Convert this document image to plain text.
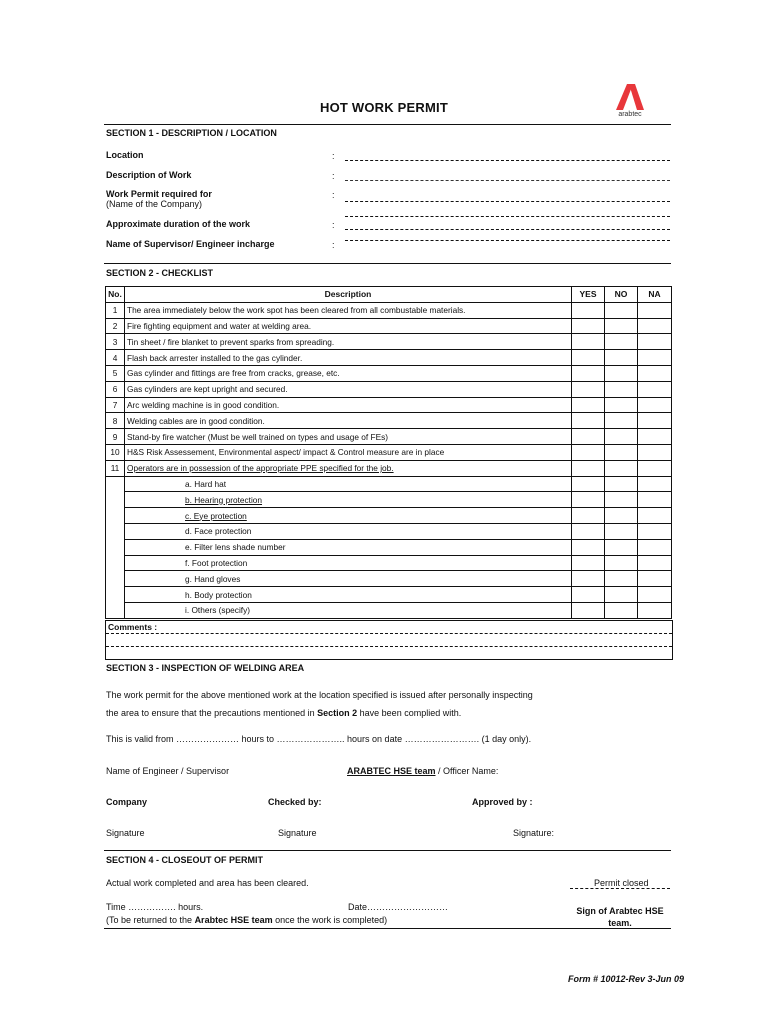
HOT WORK PERMIT	arabtec
SECTION 1 - DESCRIPTION / LOCATION
Location	:
Description of Work	:
Work Permit required for
(Name of the Company)
:
Approximate duration of the work	:
Name of Supervisor/ Engineer incharge	:
SECTION 2 - CHECKLIST
No.	Description	YES	NO	NA
1	The area immediately below the work spot has been cleared from all combustable materials.			
2	Fire fighting equipment and water at welding area.			
3	Tin sheet / fire blanket to prevent sparks from spreading.			
4	Flash back arrester installed to the gas cylinder.			
5	Gas cylinder and fittings are free from cracks, grease, etc.			
6	Gas cylinders are kept upright and secured.			
7	Arc welding machine is in good condition.			
8	Welding cables are in good condition.			
9	Stand-by fire watcher (Must be well trained on types and usage of FEs)			
10	H&S Risk Assessement, Environmental aspect/ impact & Control measure are in place			
11	Operators are in possession of the appropriate PPE specified for the job.			
	a. Hard hat			
	b. Hearing protection			
	c. Eye protection			
	d. Face protection			
	e. Filter lens shade number			
	f. Foot protection			
	g. Hand gloves			
	h. Body protection			
	i. Others (specify)			
Comments :
SECTION 3 - INSPECTION OF WELDING AREA
The work permit for the above mentioned work at the location specified is issued after personally inspecting
the area to ensure that the precautions mentioned in Section 2 have been complied with.
This is valid from ………………… hours to ………………….. hours on date ……………………. (1 day only).
Name of Engineer / Supervisor	ARABTEC HSE team / Officer Name:
Company	Checked by:	Approved by :
Signature	Signature	Signature:
SECTION 4 - CLOSEOUT OF PERMIT
Actual work completed and area has been cleared.	Permit closed
Time ……………. hours.	Date………………………
(To be returned to the Arabtec HSE team once the work is completed)
Sign of Arabtec HSE
team.
Form # 10012-Rev 3-Jun 09
